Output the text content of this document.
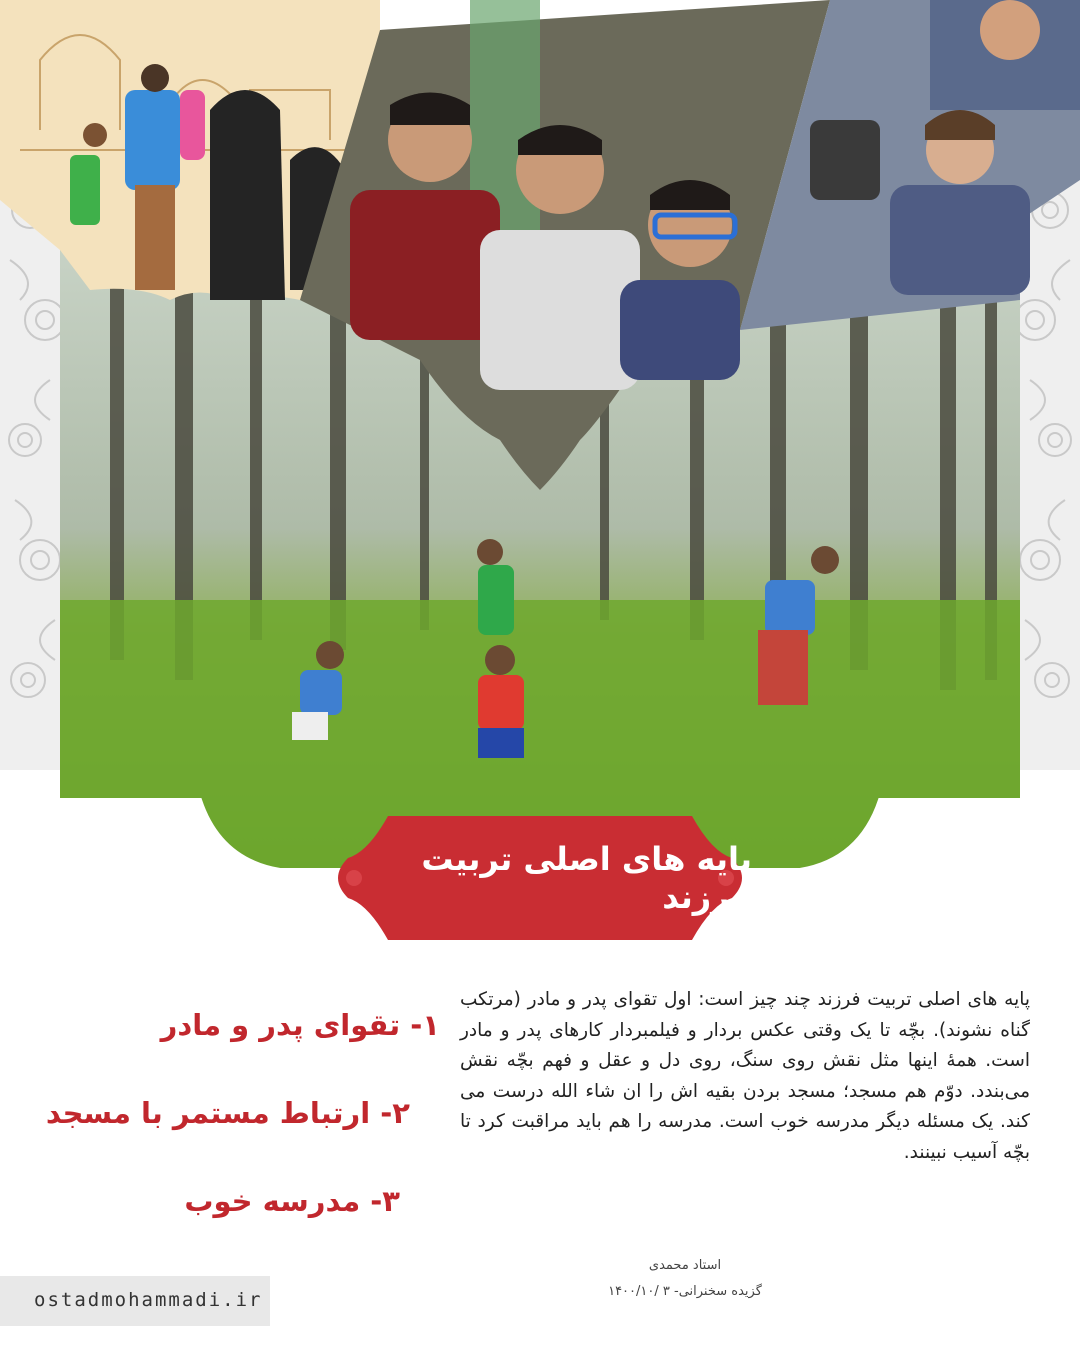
پایه های اصلی تربیت فرزند
۱- تقوای پدر و مادر
۲- ارتباط مستمر با مسجد
۳- مدرسه خوب
پایه های اصلی تربیت فرزند چند چیز است: اول تقوای پدر و مادر (مرتکب گناه نشوند). بچّه تا یک وقتی عکس بردار و فیلمبردار کارهای پدر و مادر است. همهٔ اینها مثل نقش روی سنگ، روی دل و عقل و فهم بچّه نقش می‌بندد. دوّم هم مسجد؛ مسجد بردن بقیه اش را ان شاء الله درست می کند. یک مسئله دیگر مدرسه خوب است. مدرسه را هم باید مراقبت کرد تا بچّه آسیب نبینند.
استاد محمدی
گزیده سخنرانی- ۳ /۱۴۰۰/۱۰
ostadmohammadi.ir
